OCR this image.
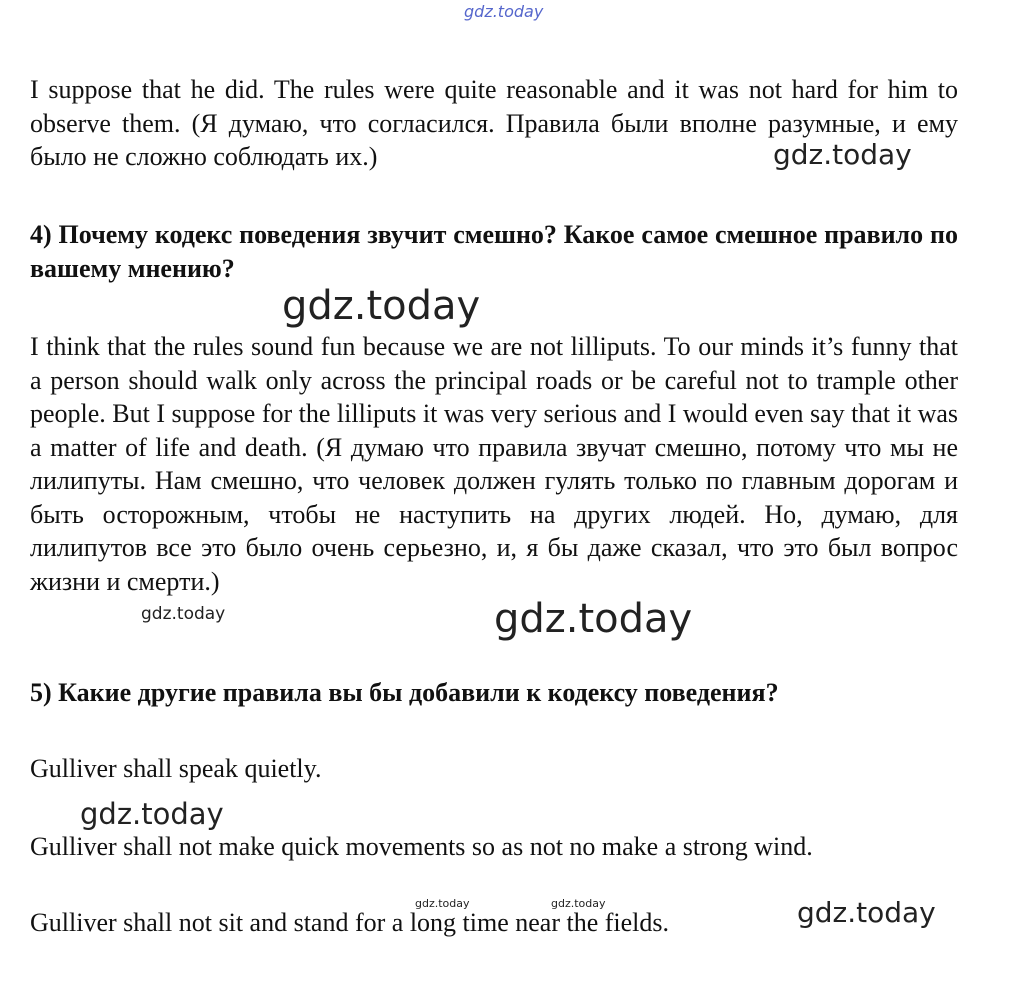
gdz.today

I suppose that he did. The rules were quite reasonable and it was not hard for him to observe them. (Я думаю, что согласился. Правила были вполне разумные, и ему было не сложно соблюдать их.)	gdz.today

4) Почему кодекс поведения звучит смешно? Какое самое смешное правило по вашему мнению?

gdz.today

I think that the rules sound fun because we are not lilliputs. To our minds it’s funny that a person should walk only across the principal roads or be careful not to trample other people. But I suppose for the lilliputs it was very serious and I would even say that it was a matter of life and death. (Я думаю что правила звучат смешно, потому что мы не лилипуты. Нам смешно, что человек должен гулять только по главным дорогам и быть осторожным, чтобы не наступить на других людей. Но, думаю, для лилипутов все это было очень серьезно, и, я бы даже сказал, что это был вопрос жизни и смерти.)

gdz.today	gdz.today

5) Какие другие правила вы бы добавили к кодексу поведения?

Gulliver shall speak quietly.

gdz.today

Gulliver shall not make quick movements so as not no make a strong wind.

gdz.today	gdz.today	gdz.today

Gulliver shall not sit and stand for a long time near the fields.
